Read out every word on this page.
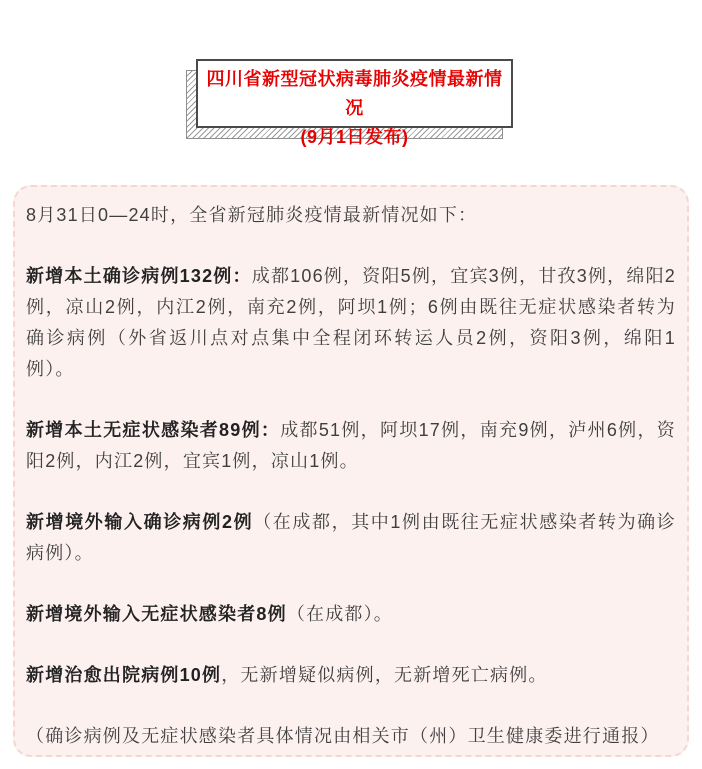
四川省新型冠状病毒肺炎疫情最新情况
(9月1日发布)

8月31日0—24时，全省新冠肺炎疫情最新情况如下：

新增本土确诊病例132例：成都106例，资阳5例，宜宾3例，甘孜3例，绵阳2例，凉山2例，内江2例，南充2例，阿坝1例；6例由既往无症状感染者转为确诊病例（外省返川点对点集中全程闭环转运人员2例，资阳3例，绵阳1例）。

新增本土无症状感染者89例：成都51例，阿坝17例，南充9例，泸州6例，资阳2例，内江2例，宜宾1例，凉山1例。

新增境外输入确诊病例2例（在成都，其中1例由既往无症状感染者转为确诊病例）。

新增境外输入无症状感染者8例（在成都）。

新增治愈出院病例10例，无新增疑似病例，无新增死亡病例。

（确诊病例及无症状感染者具体情况由相关市（州）卫生健康委进行通报）
